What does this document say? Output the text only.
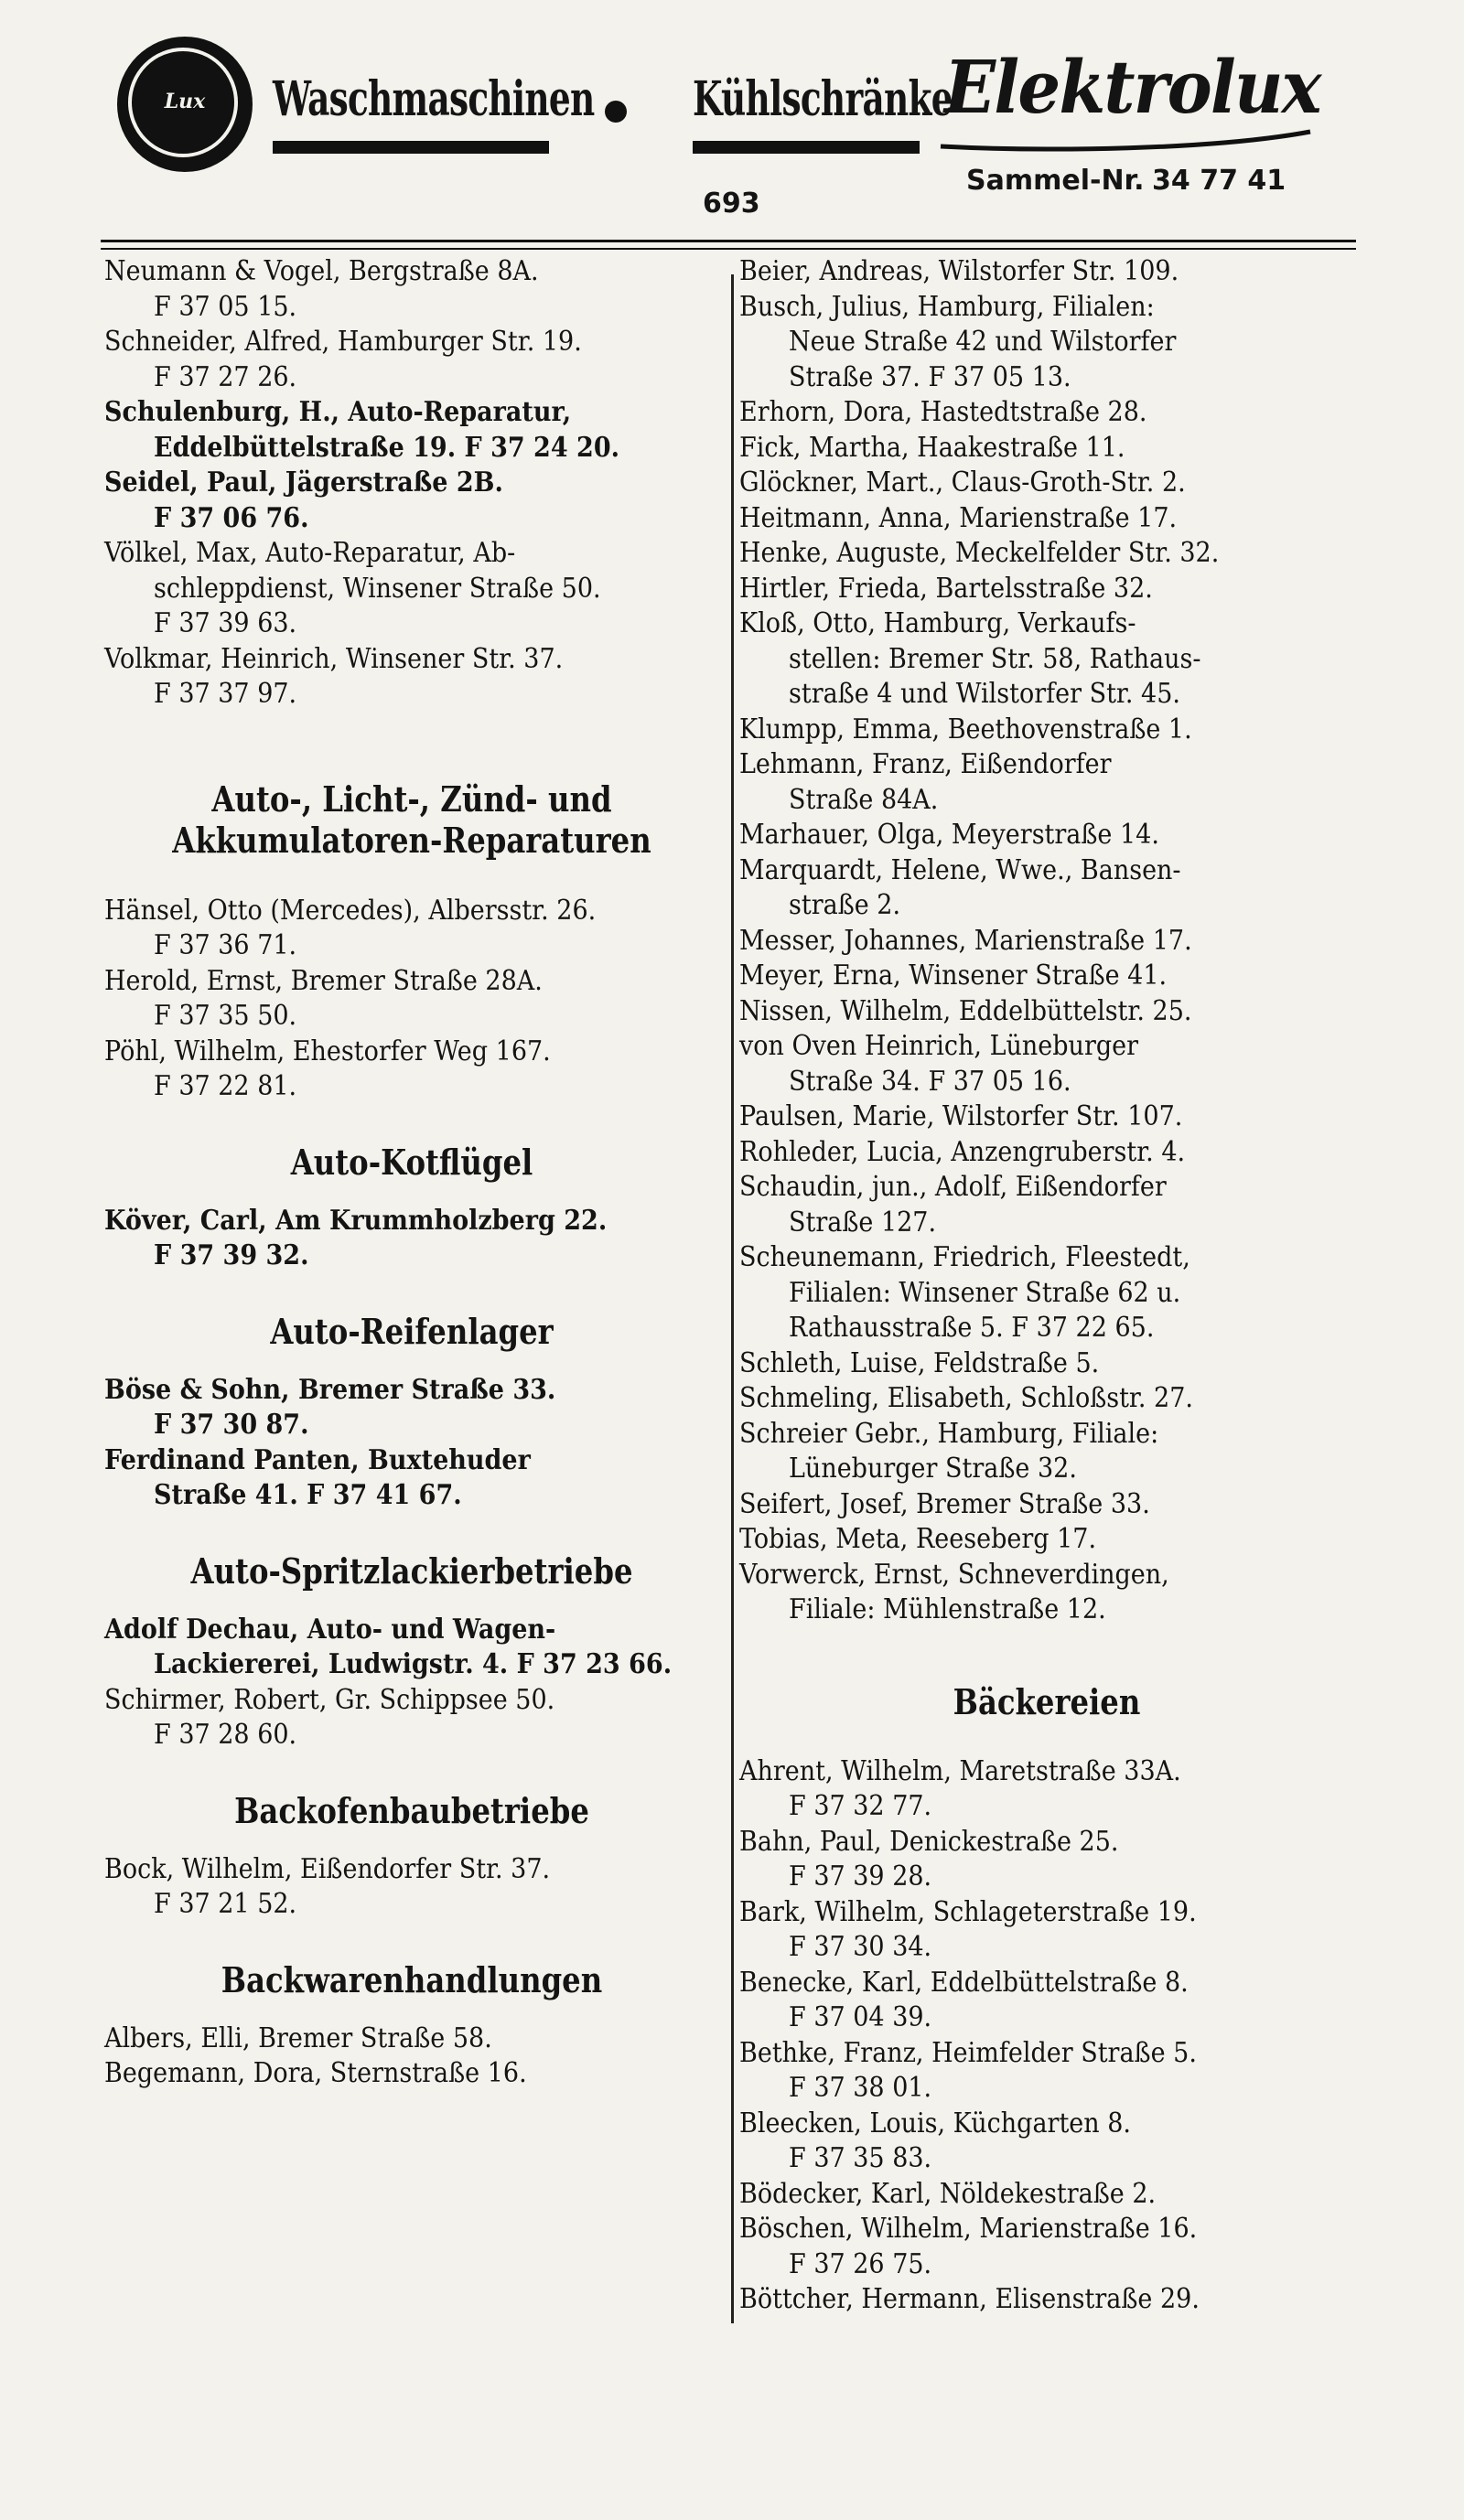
Lux	Waschmaschinen Kühlschränke
Elektrolux
Sammel-Nr. 34 77 41
693
Neumann & Vogel, Bergstraße 8A.
F 37 05 15.
Schneider, Alfred, Hamburger Str. 19.
F 37 27 26.
Schulenburg, H., Auto-Reparatur,
Eddelbüttelstraße 19. F 37 24 20.
Seidel, Paul, Jägerstraße 2B.
F 37 06 76.
Völkel, Max, Auto-Reparatur, Ab-
schleppdienst, Winsener Straße 50.
F 37 39 63.
Volkmar, Heinrich, Winsener Str. 37.
F 37 37 97.
Auto-, Licht-, Zünd- und
Akkumulatoren-Reparaturen
Hänsel, Otto (Mercedes), Albersstr. 26.
F 37 36 71.
Herold, Ernst, Bremer Straße 28A.
F 37 35 50.
Pöhl, Wilhelm, Ehestorfer Weg 167.
F 37 22 81.
Auto-Kotflügel
Köver, Carl, Am Krummholzberg 22.
F 37 39 32.
Auto-Reifenlager
Böse & Sohn, Bremer Straße 33.
F 37 30 87.
Ferdinand Panten, Buxtehuder
Straße 41. F 37 41 67.
Auto-Spritzlackierbetriebe
Adolf Dechau, Auto- und Wagen-
Lackiererei, Ludwigstr. 4. F 37 23 66.
Schirmer, Robert, Gr. Schippsee 50.
F 37 28 60.
Backofenbaubetriebe
Bock, Wilhelm, Eißendorfer Str. 37.
F 37 21 52.
Backwarenhandlungen
Albers, Elli, Bremer Straße 58.
Begemann, Dora, Sternstraße 16.
Beier, Andreas, Wilstorfer Str. 109.
Busch, Julius, Hamburg, Filialen:
Neue Straße 42 und Wilstorfer
Straße 37. F 37 05 13.
Erhorn, Dora, Hastedtstraße 28.
Fick, Martha, Haakestraße 11.
Glöckner, Mart., Claus-Groth-Str. 2.
Heitmann, Anna, Marienstraße 17.
Henke, Auguste, Meckelfelder Str. 32.
Hirtler, Frieda, Bartelsstraße 32.
Kloß, Otto, Hamburg, Verkaufs-
stellen: Bremer Str. 58, Rathaus-
straße 4 und Wilstorfer Str. 45.
Klumpp, Emma, Beethovenstraße 1.
Lehmann, Franz, Eißendorfer
Straße 84A.
Marhauer, Olga, Meyerstraße 14.
Marquardt, Helene, Wwe., Bansen-
straße 2.
Messer, Johannes, Marienstraße 17.
Meyer, Erna, Winsener Straße 41.
Nissen, Wilhelm, Eddelbüttelstr. 25.
von Oven Heinrich, Lüneburger
Straße 34. F 37 05 16.
Paulsen, Marie, Wilstorfer Str. 107.
Rohleder, Lucia, Anzengruberstr. 4.
Schaudin, jun., Adolf, Eißendorfer
Straße 127.
Scheunemann, Friedrich, Fleestedt,
Filialen: Winsener Straße 62 u.
Rathausstraße 5. F 37 22 65.
Schleth, Luise, Feldstraße 5.
Schmeling, Elisabeth, Schloßstr. 27.
Schreier Gebr., Hamburg, Filiale:
Lüneburger Straße 32.
Seifert, Josef, Bremer Straße 33.
Tobias, Meta, Reeseberg 17.
Vorwerck, Ernst, Schneverdingen,
Filiale: Mühlenstraße 12.
Bäckereien
Ahrent, Wilhelm, Maretstraße 33A.
F 37 32 77.
Bahn, Paul, Denickestraße 25.
F 37 39 28.
Bark, Wilhelm, Schlageterstraße 19.
F 37 30 34.
Benecke, Karl, Eddelbüttelstraße 8.
F 37 04 39.
Bethke, Franz, Heimfelder Straße 5.
F 37 38 01.
Bleecken, Louis, Küchgarten 8.
F 37 35 83.
Bödecker, Karl, Nöldekestraße 2.
Böschen, Wilhelm, Marienstraße 16.
F 37 26 75.
Böttcher, Hermann, Elisenstraße 29.
